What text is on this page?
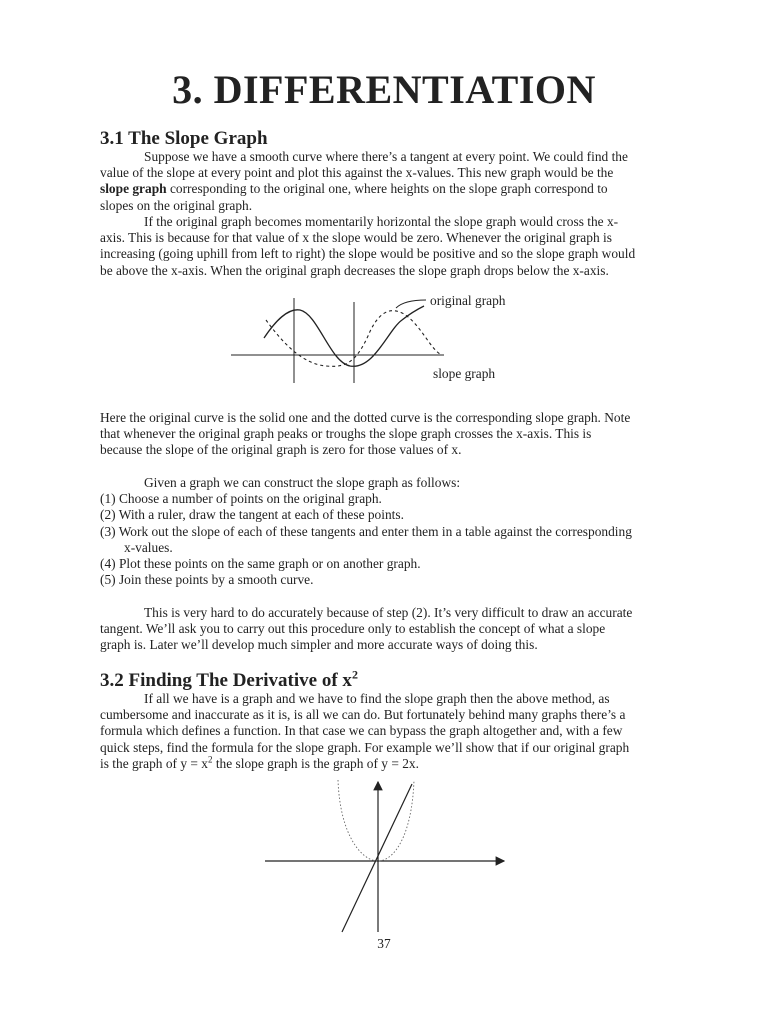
3. DIFFERENTIATION
3.1 The Slope Graph
Suppose we have a smooth curve where there’s a tangent at every point. We could find the
value of the slope at every point and plot this against the x-values. This new graph would be the
slope graph corresponding to the original one, where heights on the slope graph correspond to
slopes on the original graph.
If the original graph becomes momentarily horizontal the slope graph would cross the x-
axis. This is because for that value of x the slope would be zero. Whenever the original graph is
increasing (going uphill from left to right) the slope would be positive and so the slope graph would
be above the x-axis. When the original graph decreases the slope graph drops below the x-axis.
original graph
slope graph
Here the original curve is the solid one and the dotted curve is the corresponding slope graph. Note
that whenever the original graph peaks or troughs the slope graph crosses the x-axis. This is
because the slope of the original graph is zero for those values of x.
Given a graph we can construct the slope graph as follows:
(1) Choose a number of points on the original graph.
(2) With a ruler, draw the tangent at each of these points.
(3) Work out the slope of each of these tangents and enter them in a table against the corresponding
x-values.
(4) Plot these points on the same graph or on another graph.
(5) Join these points by a smooth curve.
This is very hard to do accurately because of step (2). It’s very difficult to draw an accurate
tangent. We’ll ask you to carry out this procedure only to establish the concept of what a slope
graph is. Later we’ll develop much simpler and more accurate ways of doing this.
3.2 Finding The Derivative of $x^2$
If all we have is a graph and we have to find the slope graph then the above method, as
cumbersome and inaccurate as it is, is all we can do. But fortunately behind many graphs there’s a
formula which defines a function. In that case we can bypass the graph altogether and, with a few
quick steps, find the formula for the slope graph. For example we’ll show that if our original graph
is the graph of $y = x^2$ the slope graph is the graph of y = 2x.
37
